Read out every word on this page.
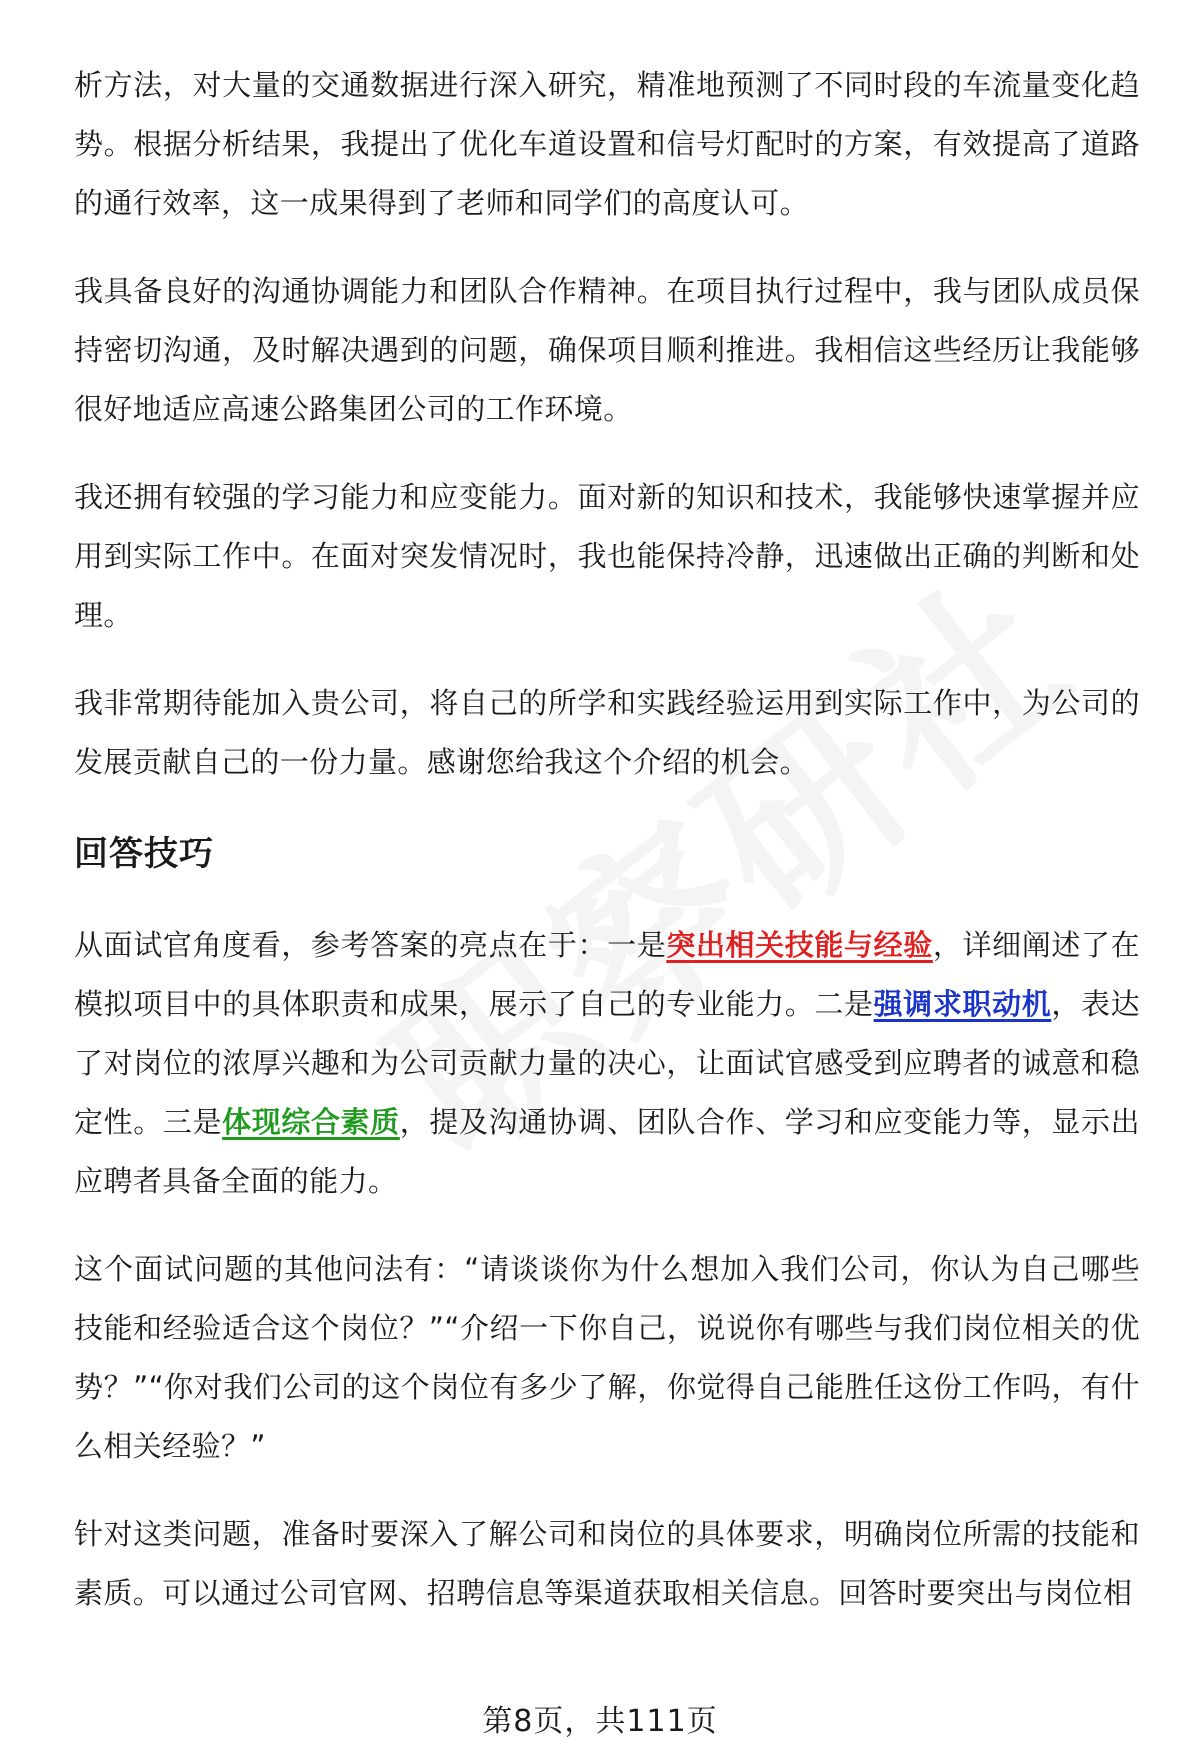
析方法，对大量的交通数据进行深入研究，精准地预测了不同时段的车流量变化趋势。根据分析结果，我提出了优化车道设置和信号灯配时的方案，有效提高了道路的通行效率，这一成果得到了老师和同学们的高度认可。

我具备良好的沟通协调能力和团队合作精神。在项目执行过程中，我与团队成员保持密切沟通，及时解决遇到的问题，确保项目顺利推进。我相信这些经历让我能够很好地适应高速公路集团公司的工作环境。

我还拥有较强的学习能力和应变能力。面对新的知识和技术，我能够快速掌握并应用到实际工作中。在面对突发情况时，我也能保持冷静，迅速做出正确的判断和处理。

我非常期待能加入贵公司，将自己的所学和实践经验运用到实际工作中，为公司的发展贡献自己的一份力量。感谢您给我这个介绍的机会。

回答技巧

从面试官角度看，参考答案的亮点在于：一是突出相关技能与经验，详细阐述了在模拟项目中的具体职责和成果，展示了自己的专业能力。二是强调求职动机，表达了对岗位的浓厚兴趣和为公司贡献力量的决心，让面试官感受到应聘者的诚意和稳定性。三是体现综合素质，提及沟通协调、团队合作、学习和应变能力等，显示出应聘者具备全面的能力。

这个面试问题的其他问法有：“请谈谈你为什么想加入我们公司，你认为自己哪些技能和经验适合这个岗位？”“介绍一下你自己，说说你有哪些与我们岗位相关的优势？”“你对我们公司的这个岗位有多少了解，你觉得自己能胜任这份工作吗，有什么相关经验？”

针对这类问题，准备时要深入了解公司和岗位的具体要求，明确岗位所需的技能和素质。可以通过公司官网、招聘信息等渠道获取相关信息。回答时要突出与岗位相

第8页，共111页
